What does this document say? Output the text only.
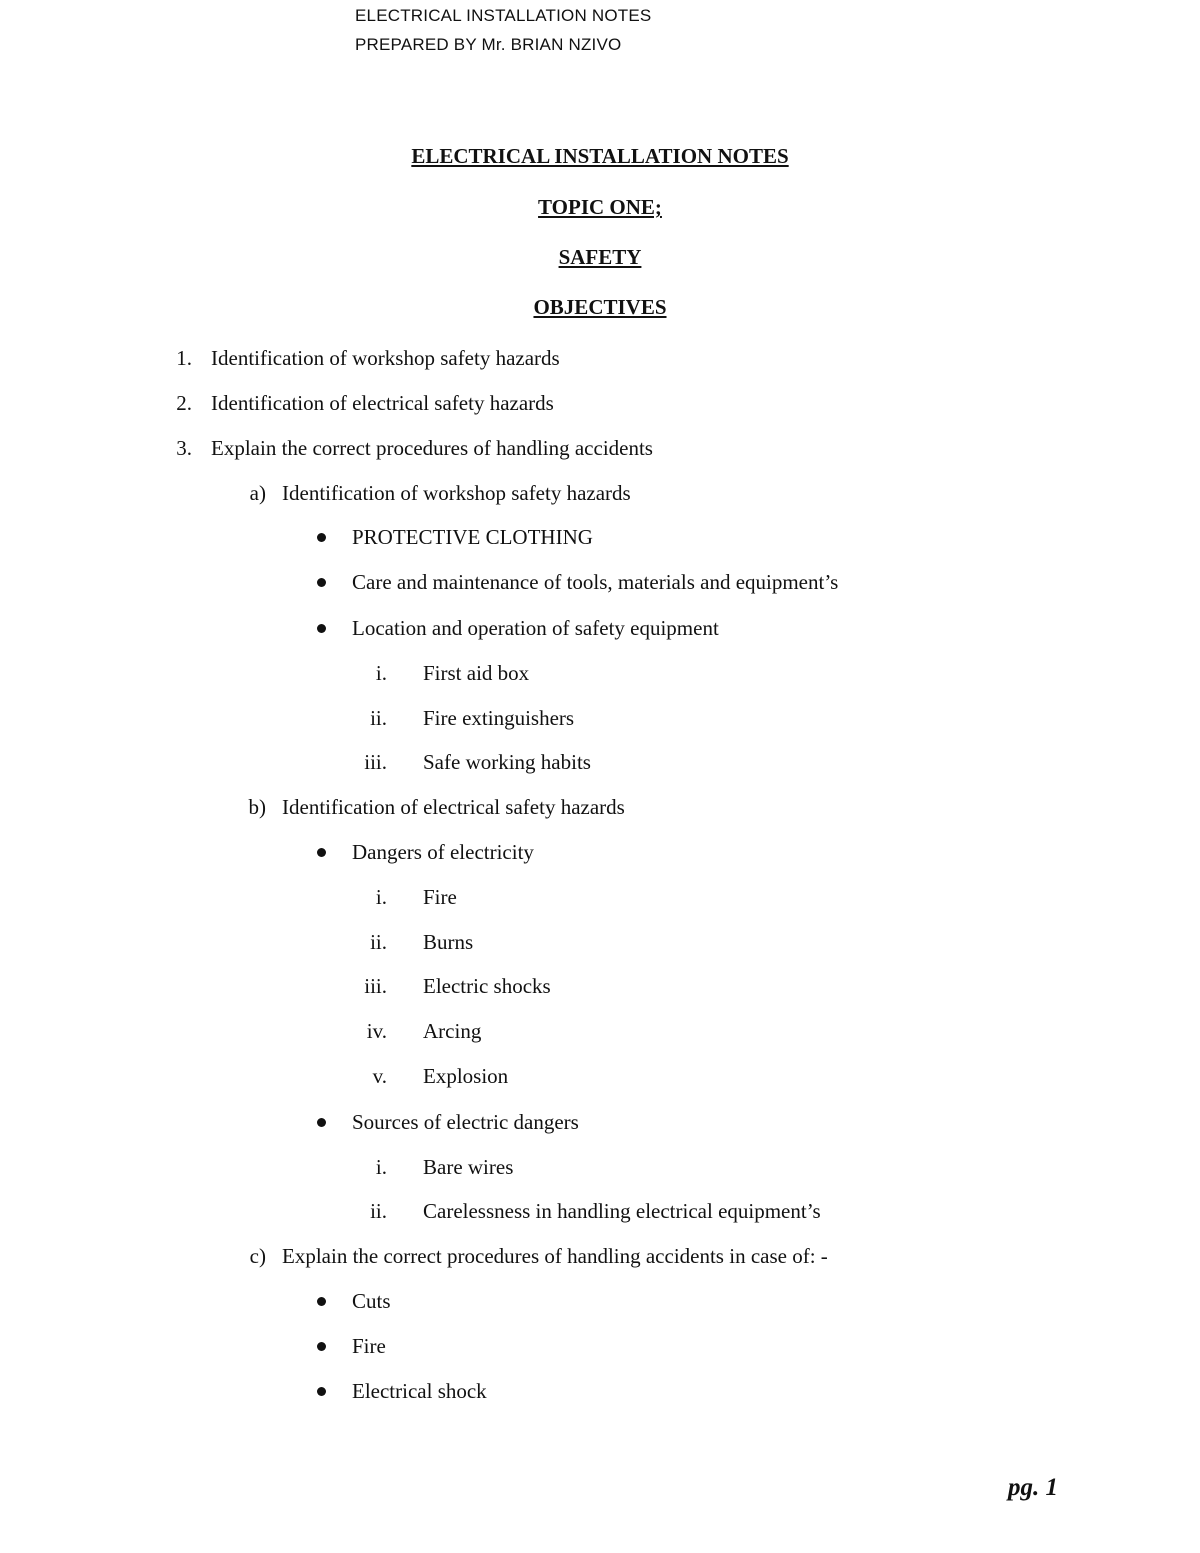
ELECTRICAL INSTALLATION NOTES
PREPARED BY Mr. BRIAN NZIVO
ELECTRICAL INSTALLATION NOTES
TOPIC ONE;
SAFETY
OBJECTIVES
1. Identification of workshop safety hazards
2. Identification of electrical safety hazards
3. Explain the correct procedures of handling accidents
a) Identification of workshop safety hazards
PROTECTIVE CLOTHING
Care and maintenance of tools, materials and equipment’s
Location and operation of safety equipment
i. First aid box
ii. Fire extinguishers
iii. Safe working habits
b) Identification of electrical safety hazards
Dangers of electricity
i. Fire
ii. Burns
iii. Electric shocks
iv. Arcing
v. Explosion
Sources of electric dangers
i. Bare wires
ii. Carelessness in handling electrical equipment’s
c) Explain the correct procedures of handling accidents in case of: -
Cuts
Fire
Electrical shock
pg. 1
